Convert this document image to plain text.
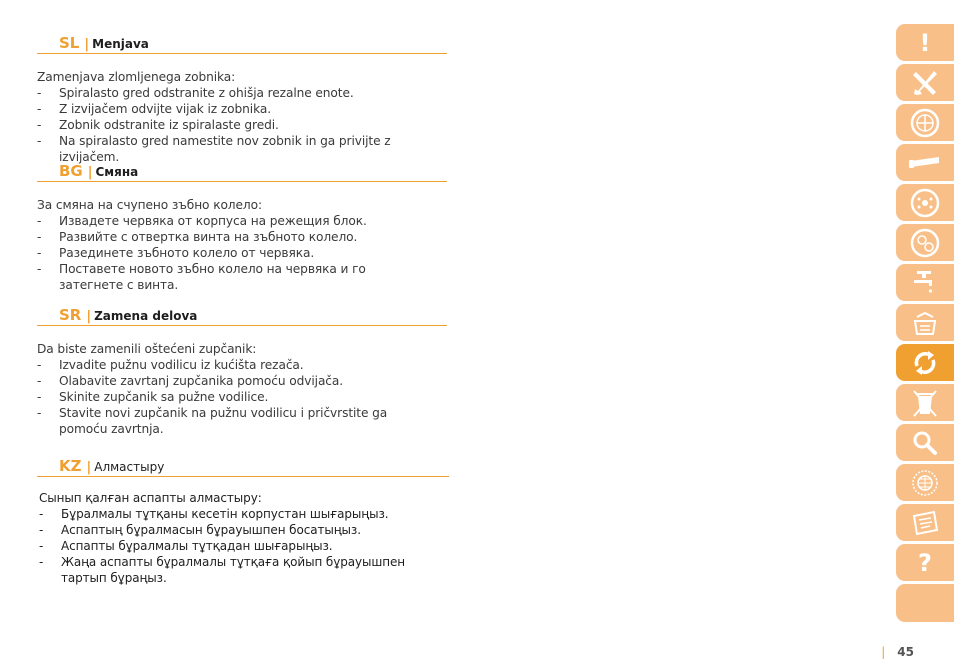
SL | Menjava
Zamenjava zlomljenega zobnika:
- Spiralasto gred odstranite z ohišja rezalne enote.
- Z izvijačem odvijte vijak iz zobnika.
- Zobnik odstranite iz spiralaste gredi.
- Na spiralasto gred namestite nov zobnik in ga privijte z izvijačem.
BG | Смяна
За смяна на счупено зъбно колело:
- Извадете червяка от корпуса на режещия блок.
- Развийте с отвертка винта на зъбното колело.
- Разединете зъбното колело от червяка.
- Поставете новото зъбно колело на червяка и го затегнете с винта.
SR | Zamena delova
Da biste zamenili oštećeni zupčanik:
- Izvadite pužnu vodilicu iz kućišta rezača.
- Olabavite zavrtanj zupčanika pomoću odvijača.
- Skinite zupčanik sa pužne vodilice.
- Stavite novi zupčanik na pužnu vodilicu i pričvrstite ga pomoću zavrtnja.
KZ | Алмастыру
Сынып қалған аспапты алмастыру:
- Бұралмалы тұтқаны кесетін корпустан шығарыңыз.
- Аспаптың бұралмасын бұрауышпен босатыңыз.
- Аспапты бұралмалы тұтқадан шығарыңыз.
- Жаңа аспапты бұралмалы тұтқаға қойып бұрауышпен тартып бұраңыз.
!
?
| 45
